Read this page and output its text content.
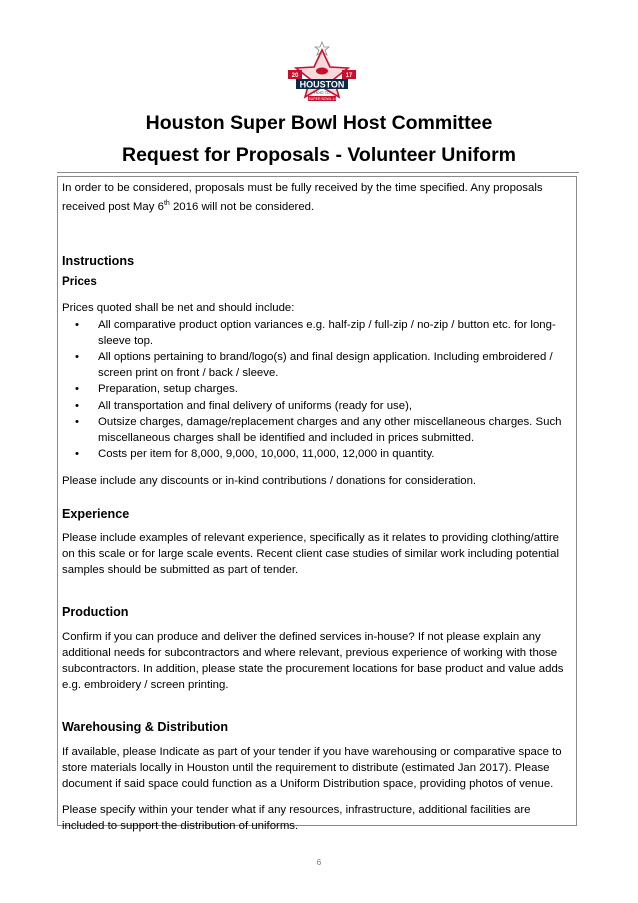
20	17
HOUSTON
HOST TO
SUPER BOWL LI
Houston Super Bowl Host Committee
Request for Proposals - Volunteer Uniform

In order to be considered, proposals must be fully received by the time specified. Any proposals received post May 6th 2016 will not be considered.

Instructions

Prices

Prices quoted shall be net and should include:

• All comparative product option variances e.g. half-zip / full-zip / no-zip / button etc. for long-sleeve top.
• All options pertaining to brand/logo(s) and final design application. Including embroidered / screen print on front / back / sleeve.
• Preparation, setup charges.
• All transportation and final delivery of uniforms (ready for use),
• Outsize charges, damage/replacement charges and any other miscellaneous charges. Such miscellaneous charges shall be identified and included in prices submitted.
• Costs per item for 8,000, 9,000, 10,000, 11,000, 12,000 in quantity.

Please include any discounts or in-kind contributions / donations for consideration.

Experience

Please include examples of relevant experience, specifically as it relates to providing clothing/attire on this scale or for large scale events. Recent client case studies of similar work including potential samples should be submitted as part of tender.

Production

Confirm if you can produce and deliver the defined services in-house? If not please explain any additional needs for subcontractors and where relevant, previous experience of working with those subcontractors. In addition, please state the procurement locations for base product and value adds e.g. embroidery / screen printing.

Warehousing & Distribution

If available, please Indicate as part of your tender if you have warehousing or comparative space to store materials locally in Houston until the requirement to distribute (estimated Jan 2017). Please document if said space could function as a Uniform Distribution space, providing photos of venue.

Please specify within your tender what if any resources, infrastructure, additional facilities are included to support the distribution of uniforms.

6
